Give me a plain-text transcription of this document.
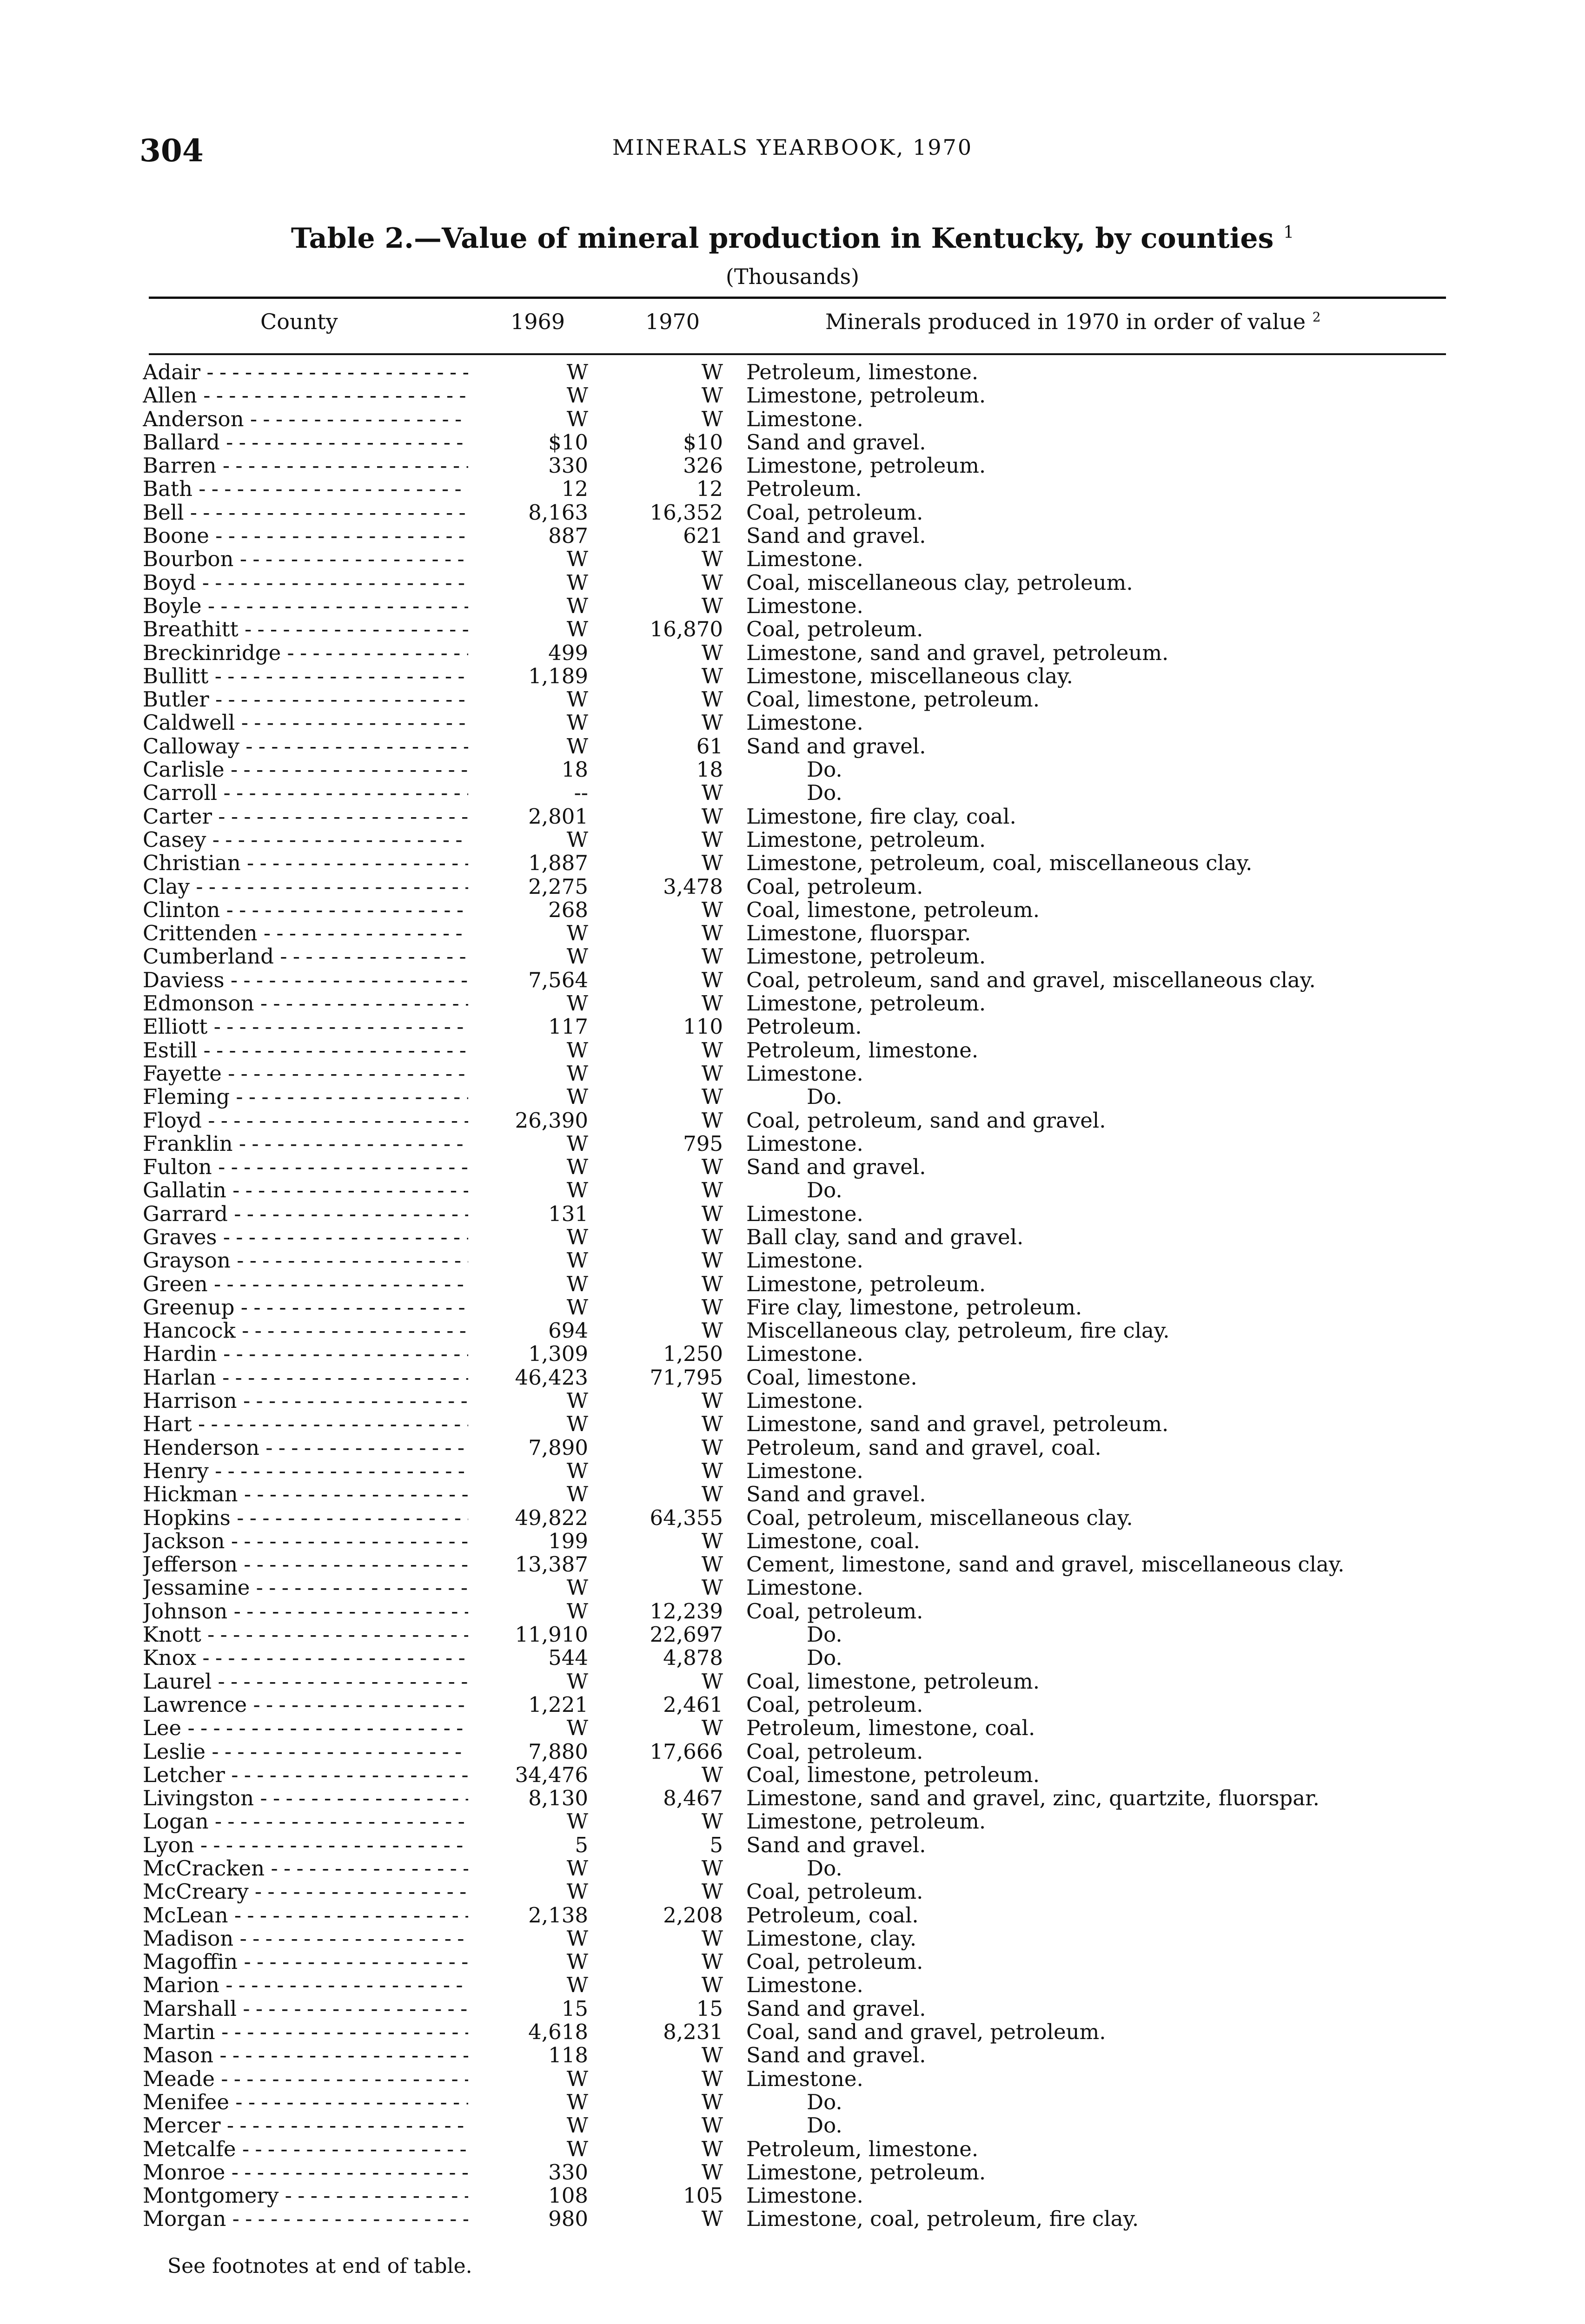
304	MINERALS YEARBOOK, 1970
Table 2.—Value of mineral production in Kentucky, by counties $^1$
(Thousands)
County	1969	1970	Minerals produced in 1970 in order of value $^2$
Adair - - -	W	W Petroleum, limestone.
Allen - - -	W	W Limestone, petroleum.
Anderson - - -	W	W Limestone.
Ballard - - -	$10	$10 Sand and gravel.
Barren - - -	330	326 Limestone, petroleum.
Bath - - -	12	12 Petroleum.
Bell - - -	8,163	16,352 Coal, petroleum.
Boone - - -	887	621 Sand and gravel.
Bourbon - - -	W	W Limestone.
Boyd - - -	W	W Coal, miscellaneous clay, petroleum.
Boyle - - -	W	W Limestone.
Breathitt - - -	W	16,870 Coal, petroleum.
Breckinridge - - -	499	W Limestone, sand and gravel, petroleum.
Bullitt - - -	1,189	W Limestone, miscellaneous clay.
Butler - - -	W	W Coal, limestone, petroleum.
Caldwell - - -	W	W Limestone.
Calloway - - -	W	61 Sand and gravel.
Carlisle - - -	18	18	Do.
Carroll - - -	--	W	Do.
Carter - - -	2,801	W Limestone, fire clay, coal.
Casey - - -	W	W Limestone, petroleum.
Christian - - -	1,887	W Limestone, petroleum, coal, miscellaneous clay.
Clay - - -	2,275	3,478 Coal, petroleum.
Clinton - - -	268	W Coal, limestone, petroleum.
Crittenden - - -	W	W Limestone, fluorspar.
Cumberland - - -	W	W Limestone, petroleum.
Daviess - - -	7,564	W Coal, petroleum, sand and gravel, miscellaneous clay.
Edmonson - - -	W	W Limestone, petroleum.
Elliott - - -	117	110 Petroleum.
Estill - - -	W	W Petroleum, limestone.
Fayette - - -	W	W Limestone.
Fleming - - -	W	W	Do.
Floyd - - -	26,390	W Coal, petroleum, sand and gravel.
Franklin - - -	W	795 Limestone.
Fulton - - -	W	W Sand and gravel.
Gallatin - - -	W	W	Do.
Garrard - - -	131	W Limestone.
Graves - - -	W	W Ball clay, sand and gravel.
Grayson - - -	W	W Limestone.
Green - - -	W	W Limestone, petroleum.
Greenup - - -	W	W Fire clay, limestone, petroleum.
Hancock - - -	694	W Miscellaneous clay, petroleum, fire clay.
Hardin - - -	1,309	1,250 Limestone.
Harlan - - -	46,423	71,795 Coal, limestone.
Harrison - - -	W	W Limestone.
Hart - - -	W	W Limestone, sand and gravel, petroleum.
Henderson - - -	7,890	W Petroleum, sand and gravel, coal.
Henry - - -	W	W Limestone.
Hickman - - -	W	W Sand and gravel.
Hopkins - - -	49,822	64,355 Coal, petroleum, miscellaneous clay.
Jackson - - -	199	W Limestone, coal.
Jefferson - - -	13,387	W Cement, limestone, sand and gravel, miscellaneous clay.
Jessamine - - -	W	W Limestone.
Johnson - - -	W	12,239 Coal, petroleum.
Knott - - -	11,910	22,697	Do.
Knox - - -	544	4,878	Do.
Laurel - - -	W	W Coal, limestone, petroleum.
Lawrence - - -	1,221	2,461 Coal, petroleum.
Lee - - -	W	W Petroleum, limestone, coal.
Leslie - - -	7,880	17,666 Coal, petroleum.
Letcher - - -	34,476	W Coal, limestone, petroleum.
Livingston - - -	8,130	8,467 Limestone, sand and gravel, zinc, quartzite, fluorspar.
Logan - - -	W	W Limestone, petroleum.
Lyon - - -	5	5 Sand and gravel.
McCracken - - -	W	W	Do.
McCreary - - -	W	W Coal, petroleum.
McLean - - -	2,138	2,208 Petroleum, coal.
Madison - - -	W	W Limestone, clay.
Magoffin - - -	W	W Coal, petroleum.
Marion - - -	W	W Limestone.
Marshall - - -	15	15 Sand and gravel.
Martin - - -	4,618	8,231 Coal, sand and gravel, petroleum.
Mason - - -	118	W Sand and gravel.
Meade - - -	W	W Limestone.
Menifee - - -	W	W	Do.
Mercer - - -	W	W	Do.
Metcalfe - - -	W	W Petroleum, limestone.
Monroe - - -	330	W Limestone, petroleum.
Montgomery - - -	108	105 Limestone.
Morgan - - -	980	W Limestone, coal, petroleum, fire clay.
See footnotes at end of table.
